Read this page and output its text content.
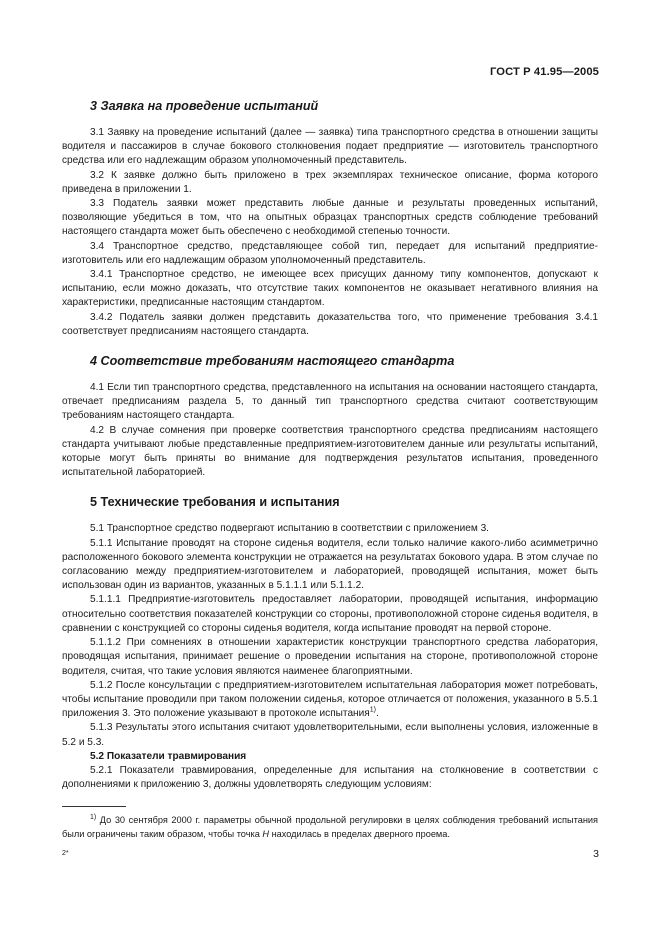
ГОСТ Р 41.95—2005
3 Заявка на проведение испытаний

3.1 Заявку на проведение испытаний (далее — заявка) типа транспортного средства в отношении защиты водителя и пассажиров в случае бокового столкновения подает предприятие — изготовитель транспортного средства или его надлежащим образом уполномоченный представитель.

3.2 К заявке должно быть приложено в трех экземплярах техническое описание, форма которого приведена в приложении 1.

3.3 Податель заявки может представить любые данные и результаты проведенных испытаний, позволяющие убедиться в том, что на опытных образцах транспортных средств соблюдение требований настоящего стандарта может быть обеспечено с необходимой степенью точности.

3.4 Транспортное средство, представляющее собой тип, передает для испытаний предприятие-изготовитель или его надлежащим образом уполномоченный представитель.

3.4.1 Транспортное средство, не имеющее всех присущих данному типу компонентов, допускают к испытанию, если можно доказать, что отсутствие таких компонентов не оказывает негативного влияния на характеристики, предписанные настоящим стандартом.

3.4.2 Податель заявки должен представить доказательства того, что применение требования 3.4.1 соответствует предписаниям настоящего стандарта.

4 Соответствие требованиям настоящего стандарта

4.1 Если тип транспортного средства, представленного на испытания на основании настоящего стандарта, отвечает предписаниям раздела 5, то данный тип транспортного средства считают соответствующим требованиям настоящего стандарта.

4.2 В случае сомнения при проверке соответствия транспортного средства предписаниям настоящего стандарта учитывают любые представленные предприятием-изготовителем данные или результаты испытаний, которые могут быть приняты во внимание для подтверждения результатов испытания, проведенного испытательной лабораторией.

5 Технические требования и испытания

5.1 Транспортное средство подвергают испытанию в соответствии с приложением 3.

5.1.1 Испытание проводят на стороне сиденья водителя, если только наличие какого-либо асимметрично расположенного бокового элемента конструкции не отражается на результатах бокового удара. В этом случае по согласованию между предприятием-изготовителем и лабораторией, проводящей испытания, может быть использован один из вариантов, указанных в 5.1.1.1 или 5.1.1.2.

5.1.1.1 Предприятие-изготовитель предоставляет лаборатории, проводящей испытания, информацию относительно соответствия показателей конструкции со стороны, противоположной стороне сиденья водителя, в сравнении с конструкцией со стороны сиденья водителя, когда испытание проводят на первой стороне.

5.1.1.2 При сомнениях в отношении характеристик конструкции транспортного средства лаборатория, проводящая испытания, принимает решение о проведении испытания на стороне, противоположной стороне водителя, считая, что такие условия являются наименее благоприятными.

5.1.2 После консультации с предприятием-изготовителем испытательная лаборатория может потребовать, чтобы испытание проводили при таком положении сиденья, которое отличается от положения, указанного в 5.5.1 приложения 3. Это положение указывают в протоколе испытания$^{1)}$.

5.1.3 Результаты этого испытания считают удовлетворительными, если выполнены условия, изложенные в 5.2 и 5.3.

5.2 Показатели травмирования

5.2.1 Показатели травмирования, определенные для испытания на столкновение в соответствии с дополнениями к приложению 3, должны удовлетворять следующим условиям:

$^{1)}$ До 30 сентября 2000 г. параметры обычной продольной регулировки в целях соблюдения требований испытания были ограничены таким образом, чтобы точка H находилась в пределах дверного проема.

2*	3
